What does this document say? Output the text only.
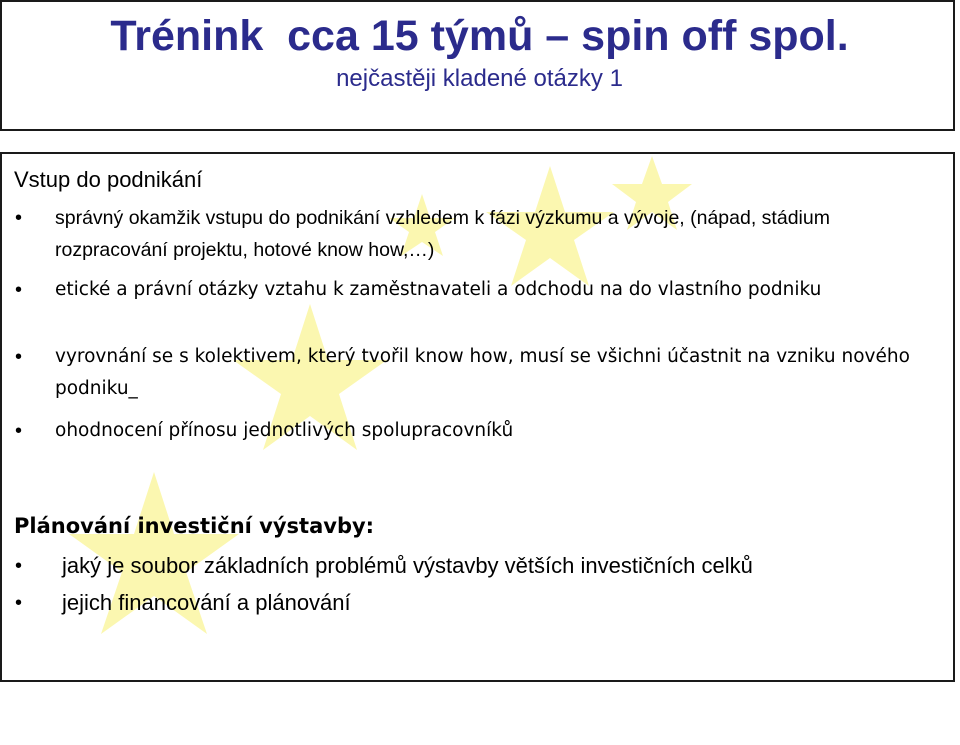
Trénink  cca 15 týmů – spin off spol.
nejčastěji kladené otázky 1
Vstup do podnikání
• správný okamžik vstupu do podnikání vzhledem k fázi výzkumu a vývoje, (nápad, stádium rozpracování projektu, hotové know how,…)
• etické a právní otázky vztahu k zaměstnavateli a odchodu na do vlastního podniku
• vyrovnání se s kolektivem, který tvořil know how, musí se všichni účastnit na vzniku nového podniku_
• ohodnocení přínosu jednotlivých spolupracovníků
Plánování investiční výstavby:
• jaký je soubor základních problémů výstavby větších investičních celků
• jejich financování a plánování
